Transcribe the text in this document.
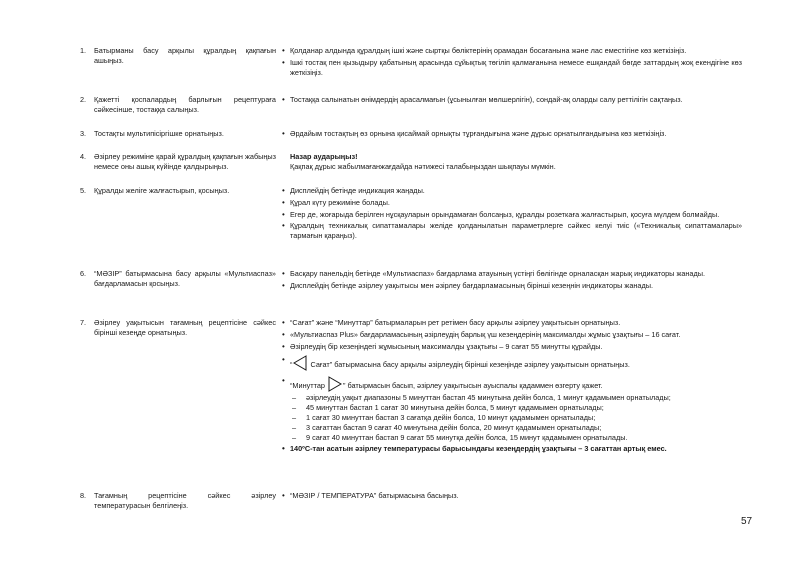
1.	Батырманы басу арқылы құралдың қақпағын ашыңыз.
• Қолданар алдында құралдың ішкі және сыртқы бөліктерінің орамадан босағанына және лас еместігіне көз жеткізіңіз.
• Ішкі тостақ пен қызыдыру қабатының арасында сұйықтық төгіліп қалмағанына немесе ешқандай бөгде заттардың жоқ екендігіне көз жеткізіңіз.
2.	Қажетті қоспалардың барлығын рецептураға сәйкесінше, тостаққа салыңыз.
• Тостаққа салынатын өнімдердің арасалмағын (ұсынылған мөлшерлігін), сондай-ақ оларды салу реттілігін сақтаңыз.
3.	Тостақты мультипісіргішке орнатыңыз.	• Әрдайым тостақтың өз орнына қисаймай орнықты тұрғандығына және дұрыс орнатылғандығына көз жеткізіңіз.
4.	Әзірлеу режиміне қарай құралдың қақпағын жабыңыз немесе оны ашық күйінде қалдырыңыз.
Назар аударыңыз!
Қақпақ дұрыс жабылмағанжағдайда нәтижесі талабыңыздан шықпауы мүмкін.
5.	Құралды желіге жалғастырып, қосыңыз.	• Дисплейдің бетінде индикация жаңады.
• Құрал күту режиміне болады.
• Егер де, жоғарыда берілген нұсқауларын орындамаған болсаңыз, құралды розеткаға жалғастырып, қосуға мүлдем болмайды.
• Құралдың техникалық сипаттамалары желіде қолданылатын параметрлерге сәйкес келуі тиіс («Техникалық сипаттамалары» тармағын қараңыз).
6.	“МӘЗІР” батырмасына басу арқылы «Мультиаспаз» бағдарламасын қосыңыз.
• Басқару панельдің бетінде «Мультиаспаз» бағдарлама атауының үстіңгі бөлігінде орналасқан жарық индикаторы жанады.
• Дисплейдің бетінде әзірлеу уақытысы мен әзірлеу бағдарламасының бірінші кезеңнін индикаторы жанады.
7.	Әзірлеу уақытысын тағамның рецептісіне сәйкес бірінші кезеңде орнатыңыз.
• “Сағат” және “Минуттар” батырмаларын рет ретімен басу арқылы әзірлеу уақытысын орнатыңыз.
• «Мультиаспаз Plus» бағдарламасының әзірлеудің барлық үш кезеңдерінің максималды жұмыс ұзақтығы – 16 сағат.
• Әзірлеудің бір кезеңіндегі жұмысының максималды ұзақтығы – 9 сағат 55 минутты құрайды.
• “ Сағат” батырмасына басу арқылы әзірлеудің бірінші кезеңінде әзірлеу уақытысын орнатыңыз.
• “Минуттар ” батырмасын басып, әзірлеу уақытысын ауыспалы қадаммен өзгерту қажет.
– әзірлеудің уақыт диапазоны 5 минуттан бастап 45 минутына дейін болса, 1 минут қадамымен орнатылады;
– 45 минуттан бастап 1 сағат 30 минутына дейін болса, 5 минут қадамымен орнатылады;
– 1 сағат 30 минуттан бастап 3 сағатқа дейін болса, 10 минут қадамымен орнатылады;
– 3 сағаттан бастап 9 сағат 40 минутына дейін болса, 20 минут қадамымен орнатылады;
– 9 сағат 40 минуттан бастап 9 сағат 55 минутқа дейін болса, 15 минут қадамымен орнатылады.
• 140ºС-тан асатын әзірлеу температурасы барысындағы кезеңдердің ұзақтығы – 3 сағаттан артық емес.
8.	Тағамның рецептісіне сәйкес әзірлеу температурасын белгілеңіз.
• “МӘЗІР / ТЕМПЕРАТУРА” батырмасына басыңыз.
57
